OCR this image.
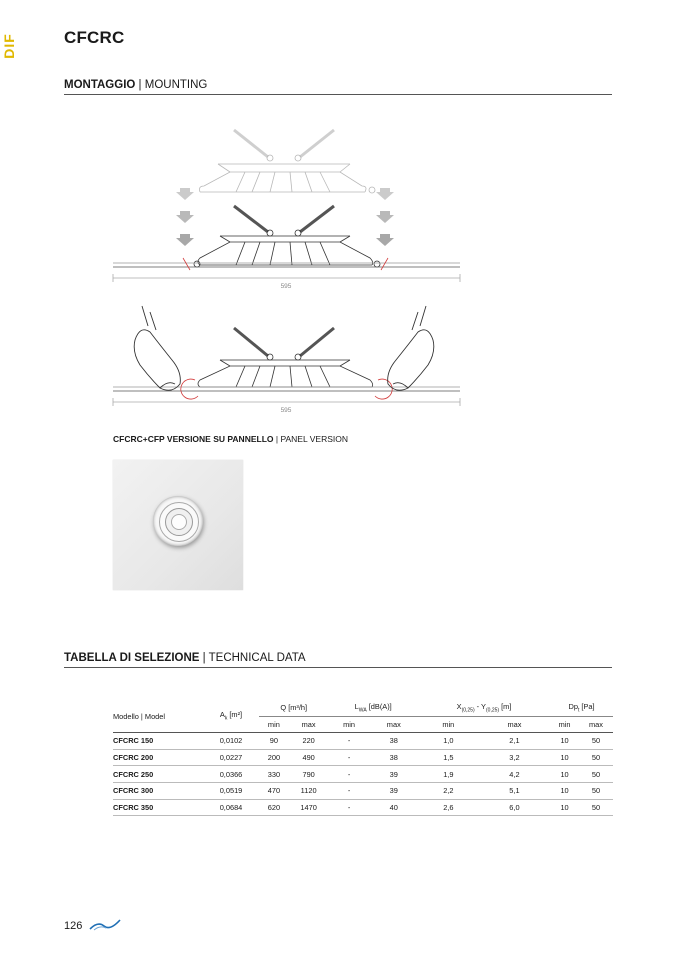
DIF	CFCRC
MONTAGGIO | MOUNTING
595
595
CFCRC+CFP VERSIONE SU PANNELLO | PANEL VERSION
TABELLA DI SELEZIONE | TECHNICAL DATA
Modello | Model	$A_k$ [m²]	Q [m³/h]		$L_{WA}$ [dB(A)]		$X_{(0,25)} - Y_{(0,25)}$ [m]		$Dp_t$ [Pa]	
		min	max	min	max	min	max	min	max
CFCRC 150	0,0102	90	220	-	38	1,0	2,1	10	50
CFCRC 200	0,0227	200	490	-	38	1,5	3,2	10	50
CFCRC 250	0,0366	330	790	-	39	1,9	4,2	10	50
CFCRC 300	0,0519	470	1120	-	39	2,2	5,1	10	50
CFCRC 350	0,0684	620	1470	-	40	2,6	6,0	10	50
126
